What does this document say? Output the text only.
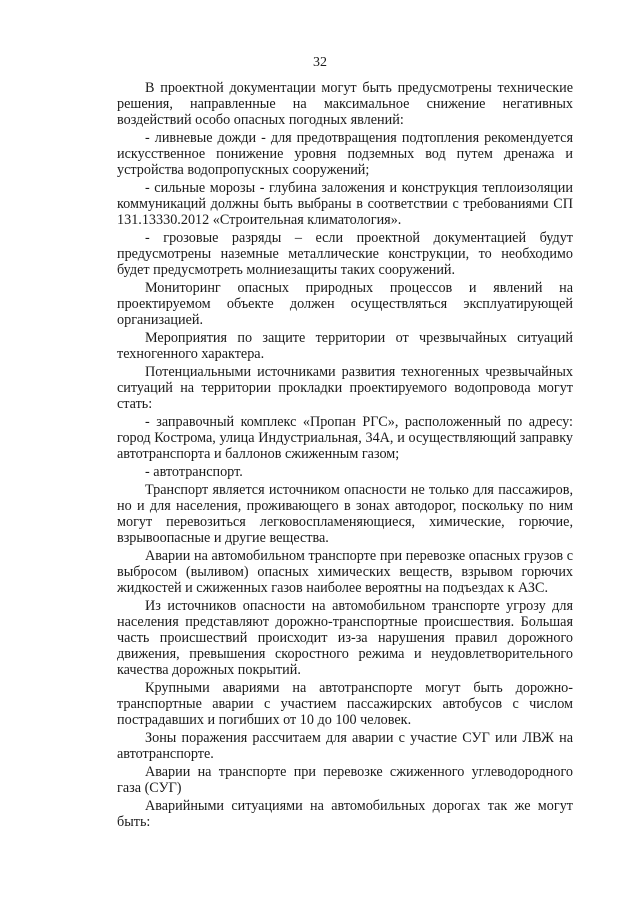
32

В проектной документации могут быть предусмотрены технические решения, направленные на максимальное снижение негативных воздействий особо опасных погодных явлений:

- ливневые дожди - для предотвращения подтопления рекомендуется искусственное понижение уровня подземных вод путем дренажа и устройства водопропускных сооружений;

- сильные морозы - глубина заложения и конструкция теплоизоляции коммуникаций должны быть выбраны в соответствии с требованиями СП 131.13330.2012 «Строительная климатология».

- грозовые разряды – если проектной документацией будут предусмотрены наземные металлические конструкции, то необходимо будет предусмотреть молниезащиты таких сооружений.

Мониторинг опасных природных процессов и явлений на проектируемом объекте должен осуществляться эксплуатирующей организацией.

Мероприятия по защите территории от чрезвычайных ситуаций техногенного характера.

Потенциальными источниками развития техногенных чрезвычайных ситуаций на территории прокладки проектируемого водопровода могут стать:

- заправочный комплекс «Пропан РГС», расположенный по адресу: город Кострома, улица Индустриальная, 34А, и осуществляющий заправку автотранспорта и баллонов сжиженным газом;

- автотранспорт.

Транспорт является источником опасности не только для пассажиров, но и для населения, проживающего в зонах автодорог, поскольку по ним могут перевозиться легковоспламеняющиеся, химические, горючие, взрывоопасные и другие вещества.

Аварии на автомобильном транспорте при перевозке опасных грузов с выбросом (выливом) опасных химических веществ, взрывом горючих жидкостей и сжиженных газов наиболее вероятны на подъездах к АЗС.

Из источников опасности на автомобильном транспорте угрозу для населения представляют дорожно-транспортные происшествия. Большая часть происшествий происходит из-за нарушения правил дорожного движения, превышения скоростного режима и неудовлетворительного качества дорожных покрытий.

Крупными авариями на автотранспорте могут быть дорожно-транспортные аварии с участием пассажирских автобусов с числом пострадавших и погибших от 10 до 100 человек.

Зоны поражения рассчитаем для аварии с участие СУГ или ЛВЖ на автотранспорте.

Аварии на транспорте при перевозке сжиженного углеводородного газа (СУГ)

Аварийными ситуациями на автомобильных дорогах так же могут быть:
